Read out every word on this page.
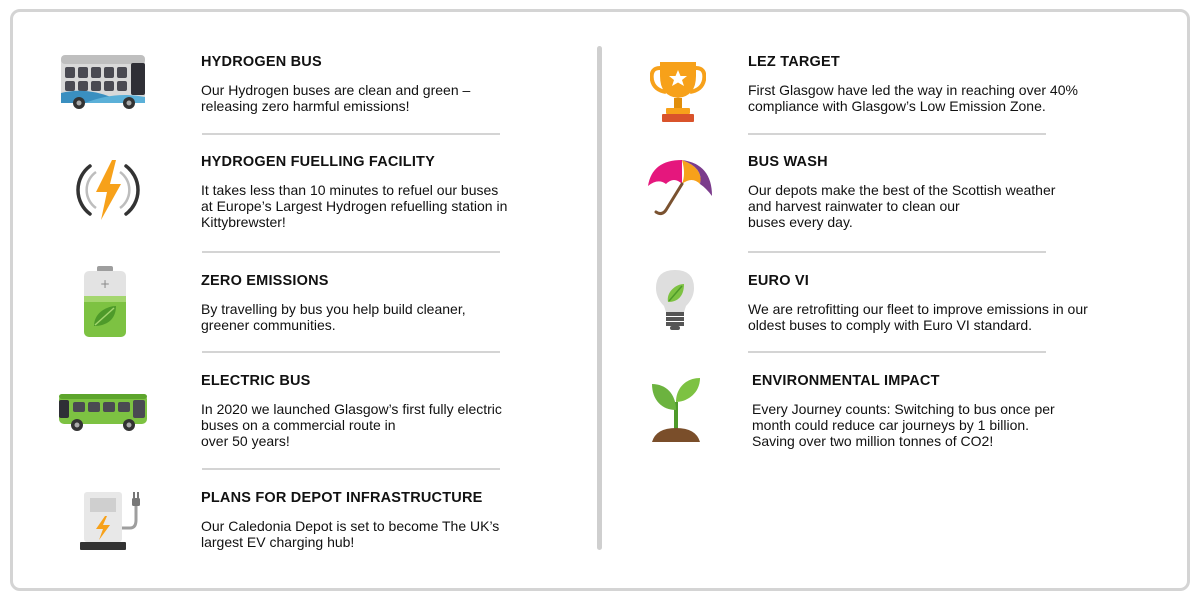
HYDROGEN BUS
Our Hydrogen buses are clean and green –
releasing zero harmful emissions!
HYDROGEN FUELLING FACILITY
It takes less than 10 minutes to refuel our buses
at Europe’s Largest Hydrogen refuelling station in
Kittybrewster!
+	ZERO EMISSIONS
By travelling by bus you help build cleaner,
greener communities.
ELECTRIC BUS
In 2020 we launched Glasgow’s first fully electric
buses on a commercial route in
over 50 years!
PLANS FOR DEPOT INFRASTRUCTURE
Our Caledonia Depot is set to become The UK’s
largest EV charging hub!
LEZ TARGET
First Glasgow have led the way in reaching over 40%
compliance with Glasgow’s Low Emission Zone.
BUS WASH
Our depots make the best of the Scottish weather
and harvest rainwater to clean our
buses every day.
EURO VI
We are retrofitting our fleet to improve emissions in our
oldest buses to comply with Euro VI standard.
ENVIRONMENTAL IMPACT
Every Journey counts: Switching to bus once per
month could reduce car journeys by 1 billion.
Saving over two million tonnes of CO2!
